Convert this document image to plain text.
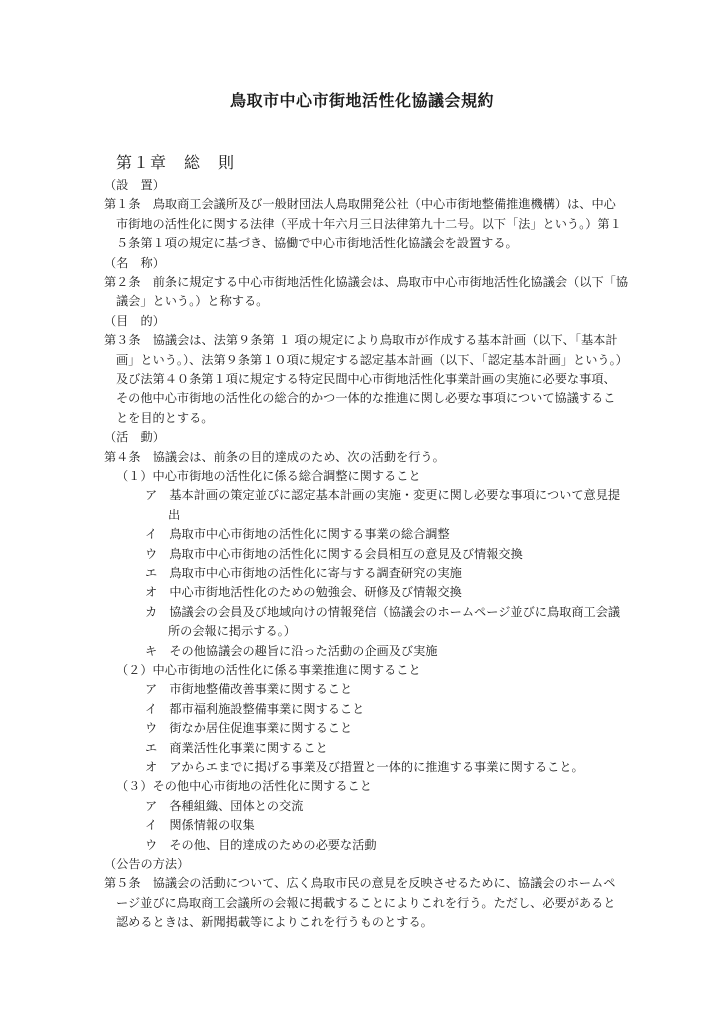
鳥取市中心市街地活性化協議会規約
第１章　総　則
（設　置）
第１条　鳥取商工会議所及び一般財団法人鳥取開発公社（中心市街地整備推進機構）は、中心
市街地の活性化に関する法律（平成十年六月三日法律第九十二号。以下「法」という。）第１
５条第１項の規定に基づき、協働で中心市街地活性化協議会を設置する。
（名　称）
第２条　前条に規定する中心市街地活性化協議会は、鳥取市中心市街地活性化協議会（以下「協
議会」という。）と称する。
（目　的）
第３条　協議会は、法第９条第 １ 項の規定により鳥取市が作成する基本計画（以下、「基本計
画」という。）、法第９条第１０項に規定する認定基本計画（以下、「認定基本計画」という。）
及び法第４０条第１項に規定する特定民間中心市街地活性化事業計画の実施に必要な事項、
その他中心市街地の活性化の総合的かつ一体的な推進に関し必要な事項について協議するこ
とを目的とする。
（活　動）
第４条　協議会は、前条の目的達成のため、次の活動を行う。
（１）中心市街地の活性化に係る総合調整に関すること
ア　基本計画の策定並びに認定基本計画の実施・変更に関し必要な事項について意見提
出
イ　鳥取市中心市街地の活性化に関する事業の総合調整
ウ　鳥取市中心市街地の活性化に関する会員相互の意見及び情報交換
エ　鳥取市中心市街地の活性化に寄与する調査研究の実施
オ　中心市街地活性化のための勉強会、研修及び情報交換
カ　協議会の会員及び地域向けの情報発信（協議会のホームページ並びに鳥取商工会議
所の会報に掲示する。）
キ　その他協議会の趣旨に沿った活動の企画及び実施
（２）中心市街地の活性化に係る事業推進に関すること
ア　市街地整備改善事業に関すること
イ　都市福利施設整備事業に関すること
ウ　街なか居住促進事業に関すること
エ　商業活性化事業に関すること
オ　アからエまでに掲げる事業及び措置と一体的に推進する事業に関すること。
（３）その他中心市街地の活性化に関すること
ア　各種組織、団体との交流
イ　関係情報の収集
ウ　その他、目的達成のための必要な活動
（公告の方法）
第５条　協議会の活動について、広く鳥取市民の意見を反映させるために、協議会のホームペ
ージ並びに鳥取商工会議所の会報に掲載することによりこれを行う。ただし、必要があると
認めるときは、新聞掲載等によりこれを行うものとする。
